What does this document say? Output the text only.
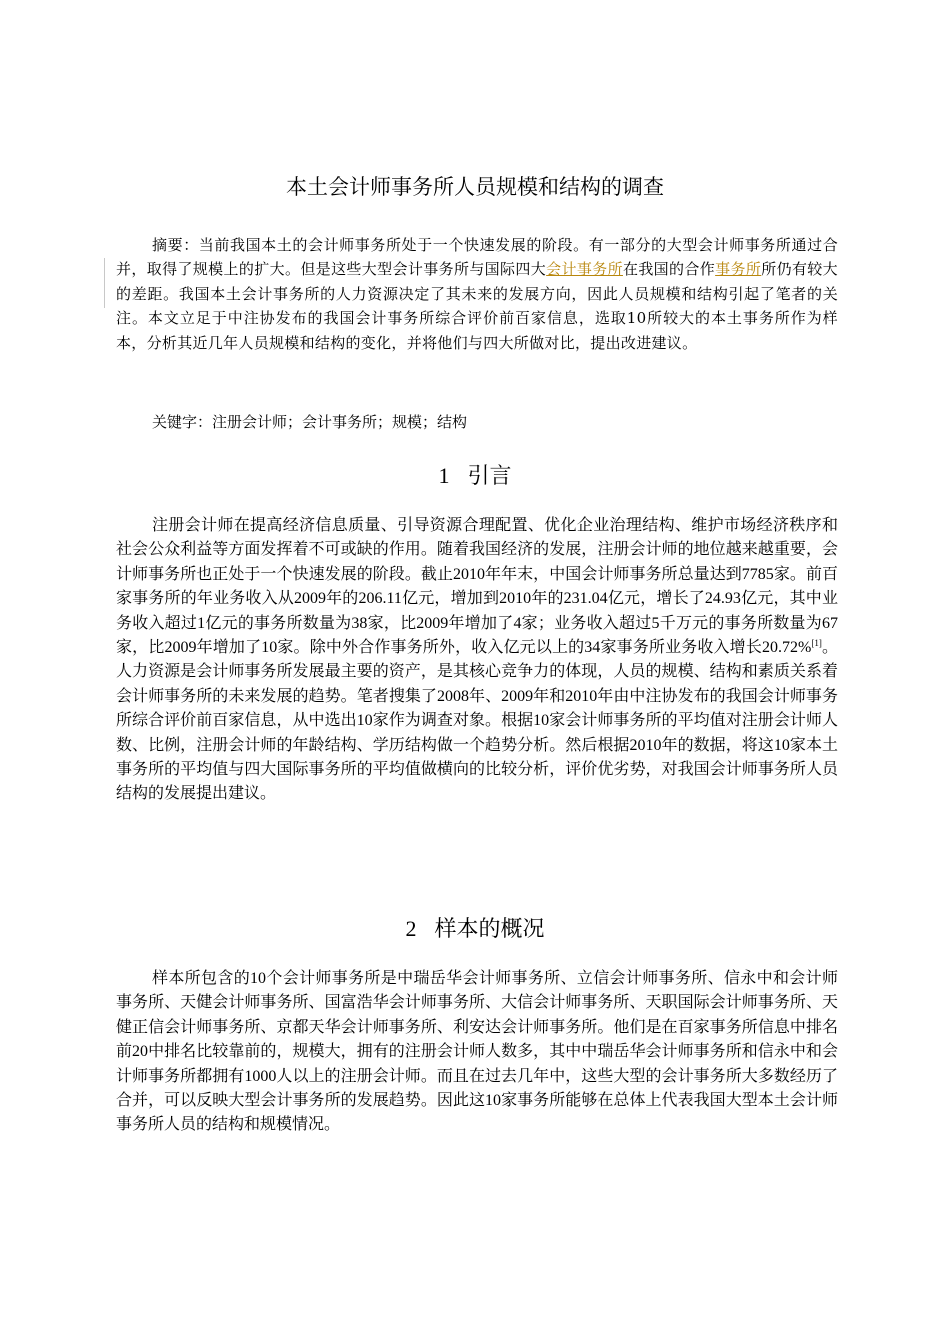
本土会计师事务所人员规模和结构的调查
摘要：当前我国本土的会计师事务所处于一个快速发展的阶段。有一部分的大型会计师事务所通过合并，取得了规模上的扩大。但是这些大型会计事务所与国际四大会计事务所在我国的合作事务所所仍有较大的差距。我国本土会计事务所的人力资源决定了其未来的发展方向，因此人员规模和结构引起了笔者的关注。本文立足于中注协发布的我国会计事务所综合评价前百家信息，选取10所较大的本土事务所作为样本，分析其近几年人员规模和结构的变化，并将他们与四大所做对比，提出改进建议。
关键字：注册会计师；会计事务所；规模；结构
1 引言
注册会计师在提高经济信息质量、引导资源合理配置、优化企业治理结构、维护市场经济秩序和社会公众利益等方面发挥着不可或缺的作用。随着我国经济的发展，注册会计师的地位越来越重要，会计师事务所也正处于一个快速发展的阶段。截止2010年年末，中国会计师事务所总量达到7785家。前百家事务所的年业务收入从2009年的206.11亿元，增加到2010年的231.04亿元，增长了24.93亿元，其中业务收入超过1亿元的事务所数量为38家，比2009年增加了4家；业务收入超过5千万元的事务所数量为67家，比2009年增加了10家。除中外合作事务所外，收入亿元以上的34家事务所业务收入增长20.72%[1]。人力资源是会计师事务所发展最主要的资产，是其核心竞争力的体现，人员的规模、结构和素质关系着会计师事务所的未来发展的趋势。笔者搜集了2008年、2009年和2010年由中注协发布的我国会计师事务所综合评价前百家信息，从中选出10家作为调查对象。根据10家会计师事务所的平均值对注册会计师人数、比例，注册会计师的年龄结构、学历结构做一个趋势分析。然后根据2010年的数据，将这10家本土事务所的平均值与四大国际事务所的平均值做横向的比较分析，评价优劣势，对我国会计师事务所人员结构的发展提出建议。
2 样本的概况
样本所包含的10个会计师事务所是中瑞岳华会计师事务所、立信会计师事务所、信永中和会计师事务所、天健会计师事务所、国富浩华会计师事务所、大信会计师事务所、天职国际会计师事务所、天健正信会计师事务所、京都天华会计师事务所、利安达会计师事务所。他们是在百家事务所信息中排名前20中排名比较靠前的，规模大，拥有的注册会计师人数多，其中中瑞岳华会计师事务所和信永中和会计师事务所都拥有1000人以上的注册会计师。而且在过去几年中，这些大型的会计事务所大多数经历了合并，可以反映大型会计事务所的发展趋势。因此这10家事务所能够在总体上代表我国大型本土会计师事务所人员的结构和规模情况。
